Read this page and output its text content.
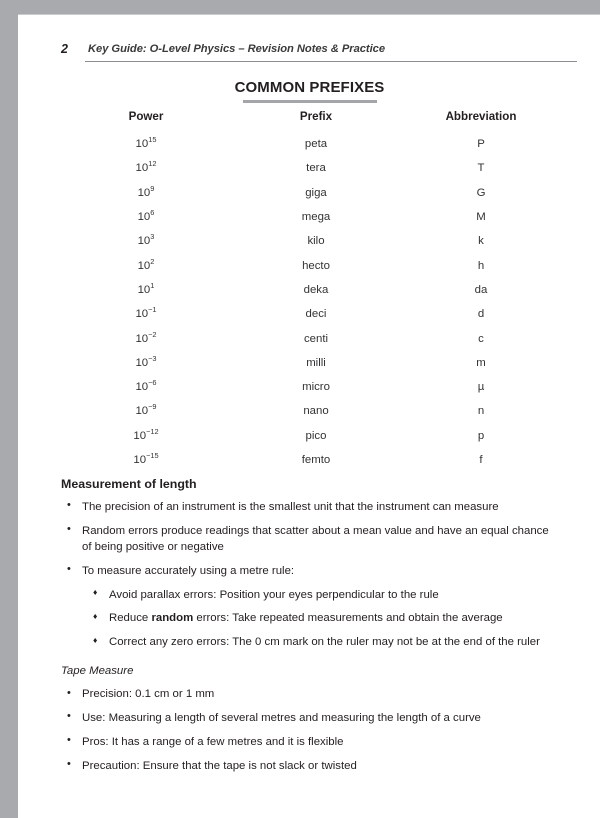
2 Key Guide: O-Level Physics – Revision Notes & Practice
COMMON PREFIXES
Power	Prefix	Abbreviation
$10^{15}$	peta	P
$10^{12}$	tera	T
$10^9$	giga	G
$10^6$	mega	M
$10^3$	kilo	k
$10^2$	hecto	h
$10^1$	deka	da
$10^{-1}$	deci	d
$10^{-2}$	centi	c
$10^{-3}$	milli	m
$10^{-6}$	micro	µ
$10^{-9}$	nano	n
$10^{-12}$	pico	p
$10^{-15}$	femto	f
Measurement of length
• The precision of an instrument is the smallest unit that the instrument can measure
• Random errors produce readings that scatter about a mean value and have an equal chance of being positive or negative
• To measure accurately using a metre rule:
♦ Avoid parallax errors: Position your eyes perpendicular to the rule
♦ Reduce random errors: Take repeated measurements and obtain the average
♦ Correct any zero errors: The 0 cm mark on the ruler may not be at the end of the ruler
Tape Measure
• Precision: 0.1 cm or 1 mm
• Use: Measuring a length of several metres and measuring the length of a curve
• Pros: It has a range of a few metres and it is flexible
• Precaution: Ensure that the tape is not slack or twisted
